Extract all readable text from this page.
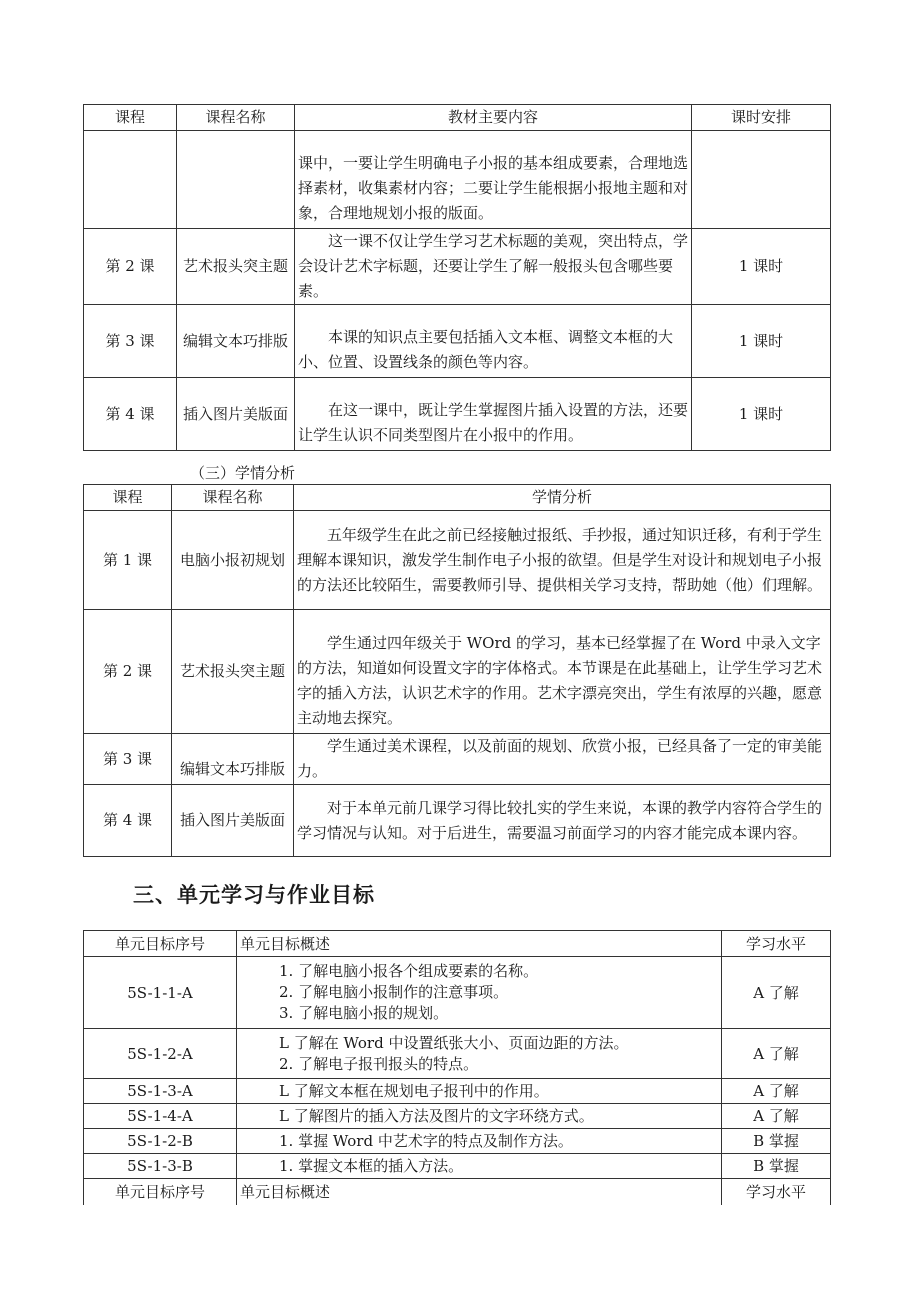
课程	课程名称	教材主要内容	课时安排
		课中，一要让学生明确电子小报的基本组成要素，合理地选择素材，收集素材内容；二要让学生能根据小报地主题和对象，合理地规划小报的版面。	
第 2 课	艺术报头突主题	这一课不仅让学生学习艺术标题的美观，突出特点，学会设计艺术字标题，还要让学生了解一般报头包含哪些要素。	1 课时
第 3 课	编辑文本巧排版	本课的知识点主要包括插入文本框、调整文本框的大小、位置、设置线条的颜色等内容。	1 课时
第 4 课	插入图片美版面	在这一课中，既让学生掌握图片插入设置的方法，还要让学生认识不同类型图片在小报中的作用。	1 课时
（三）学情分析
课程	课程名称	学情分析
第 1 课	电脑小报初规划	五年级学生在此之前已经接触过报纸、手抄报，通过知识迁移，有利于学生理解本课知识，激发学生制作电子小报的欲望。但是学生对设计和规划电子小报的方法还比较陌生，需要教师引导、提供相关学习支持，帮助她（他）们理解。
第 2 课	艺术报头突主题	学生通过四年级关于 WOrd 的学习，基本已经掌握了在 Word 中录入文字的方法，知道如何设置文字的字体格式。本节课是在此基础上，让学生学习艺术字的插入方法，认识艺术字的作用。艺术字漂亮突出，学生有浓厚的兴趣，愿意主动地去探究。
第 3 课	编辑文本巧排版	学生通过美术课程，以及前面的规划、欣赏小报，已经具备了一定的审美能力。
第 4 课	插入图片美版面	对于本单元前几课学习得比较扎实的学生来说，本课的教学内容符合学生的学习情况与认知。对于后进生，需要温习前面学习的内容才能完成本课内容。
三、单元学习与作业目标
单元目标序号	单元目标概述	学习水平
5S-1-1-A	1. 了解电脑小报各个组成要素的名称。
2. 了解电脑小报制作的注意事项。
3. 了解电脑小报的规划。	A 了解
5S-1-2-A	L 了解在 Word 中设置纸张大小、页面边距的方法。
2. 了解电子报刊报头的特点。	A 了解
5S-1-3-A	L 了解文本框在规划电子报刊中的作用。	A 了解
5S-1-4-A	L 了解图片的插入方法及图片的文字环绕方式。	A 了解
5S-1-2-B	1. 掌握 Word 中艺术字的特点及制作方法。	B 掌握
5S-1-3-B	1. 掌握文本框的插入方法。	B 掌握
单元目标序号	单元目标概述	学习水平
